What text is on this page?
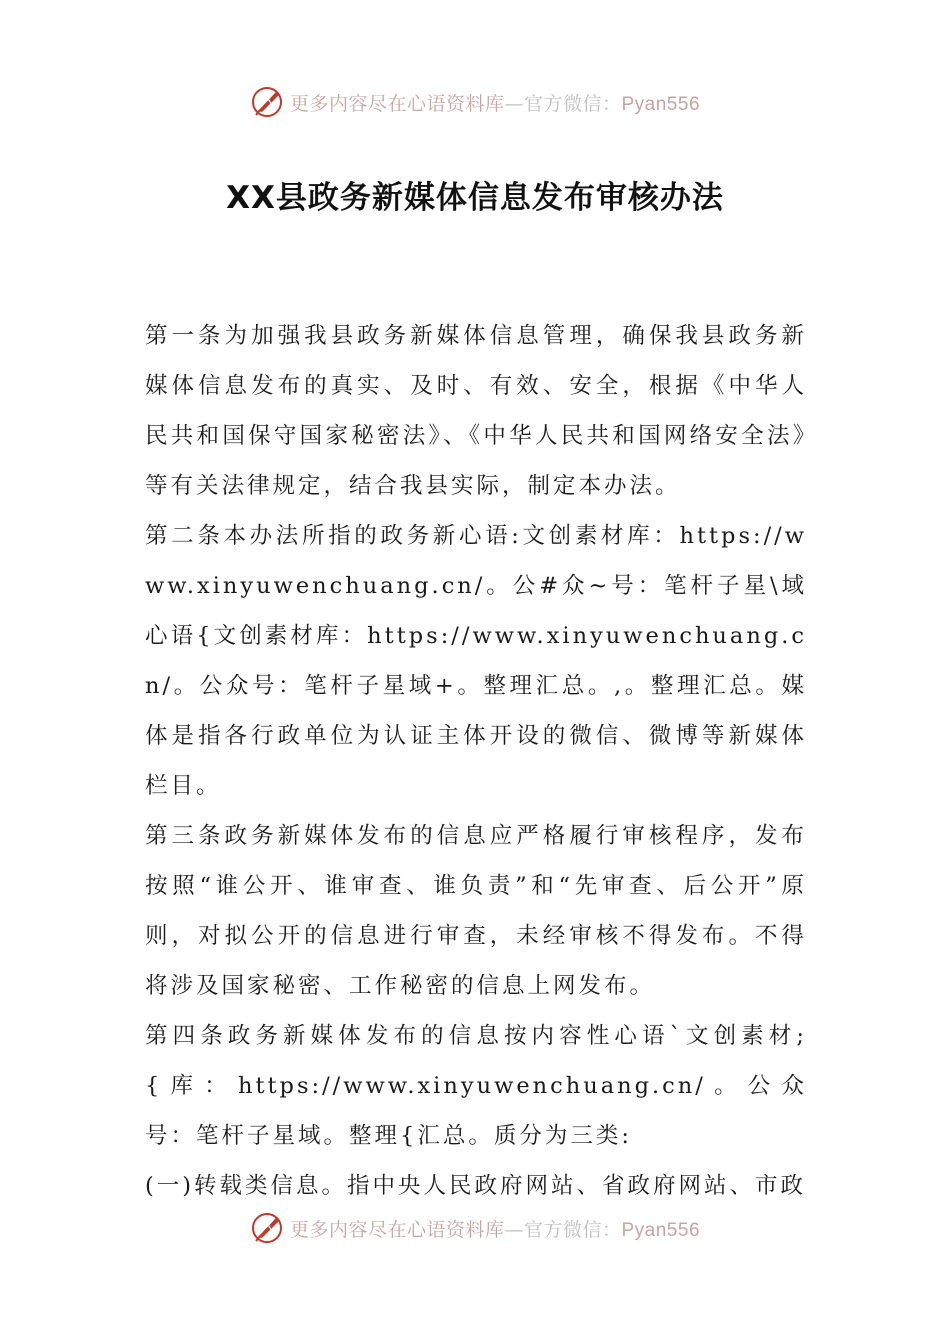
更多内容尽在心语资料库—官方微信：Pyan556
XX县政务新媒体信息发布审核办法

第一条为加强我县政务新媒体信息管理，确保我县政务新媒体信息发布的真实、及时、有效、安全，根据《中华人民共和国保守国家秘密法》、《中华人民共和国网络安全法》等有关法律规定，结合我县实际，制定本办法。

第二条本办法所指的政务新心语:文创素材库：https://www.xinyuwenchuang.cn/。公#众~号：笔杆子星\域心语{文创素材库：https://www.xinyuwenchuang.cn/。公众号：笔杆子星域+。整理汇总。,。整理汇总。媒体是指各行政单位为认证主体开设的微信、微博等新媒体栏目。

第三条政务新媒体发布的信息应严格履行审核程序，发布按照“谁公开、谁审查、谁负责”和“先审查、后公开”原则，对拟公开的信息进行审查，未经审核不得发布。不得将涉及国家秘密、工作秘密的信息上网发布。

第四条政务新媒体发布的信息按内容性心语`文创素材;{库：https://www.xinyuwenchuang.cn/。公众号：笔杆子星域。整理{汇总。质分为三类:

(一)转载类信息。指中央人民政府网站、省政府网站、市政

更多内容尽在心语资料库—官方微信：Pyan556
